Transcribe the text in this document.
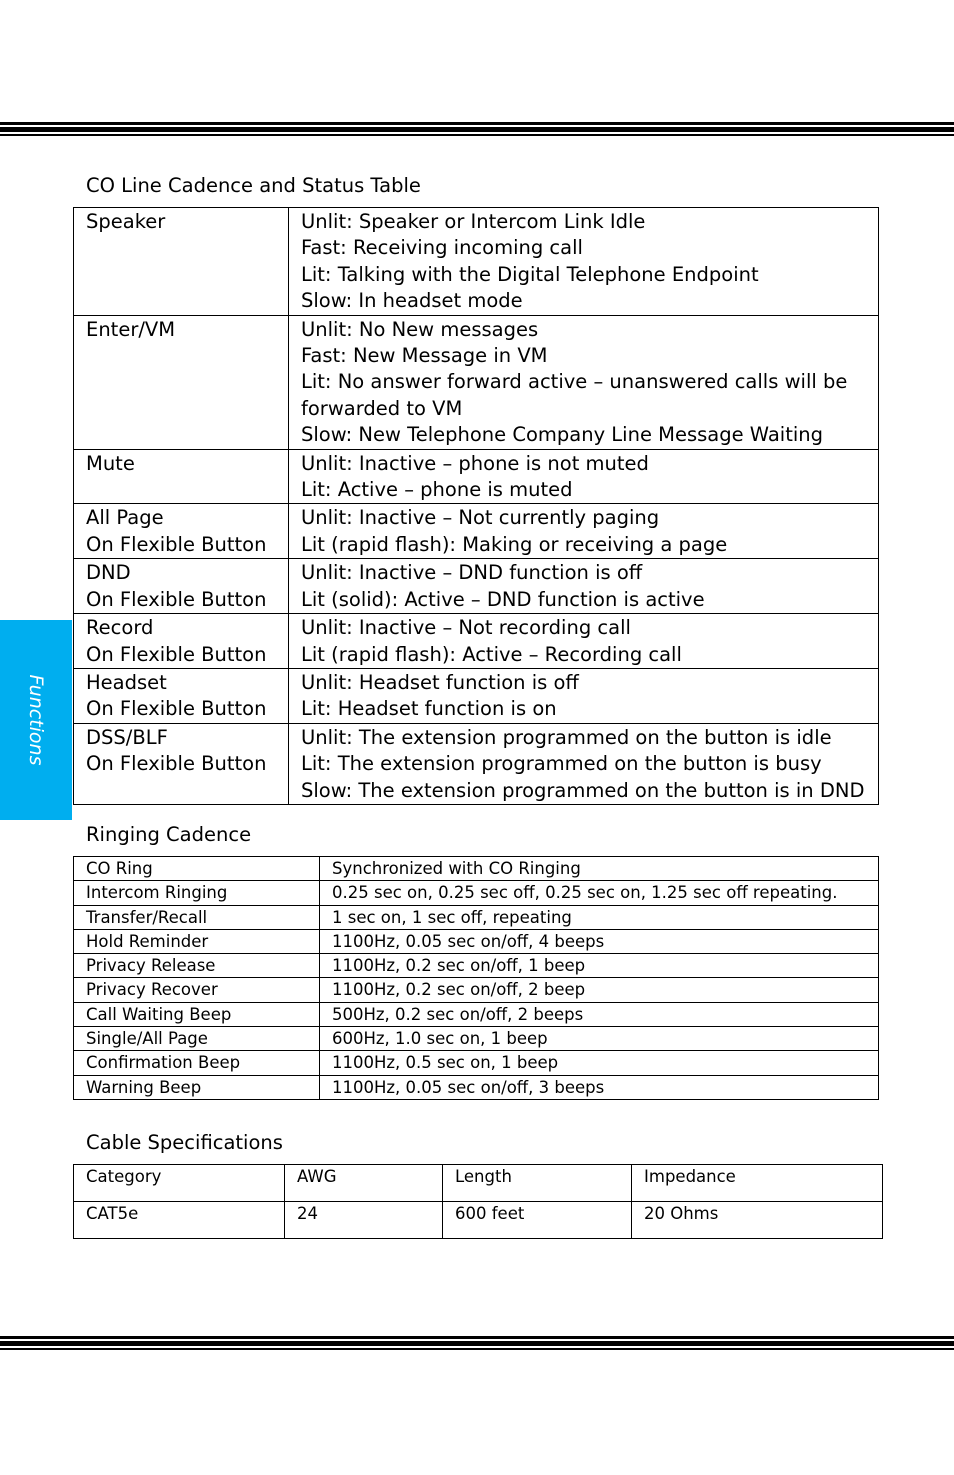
Functions
CO Line Cadence and Status Table
Speaker	Unlit: Speaker or Intercom Link Idle
Fast: Receiving incoming call
Lit: Talking with the Digital Telephone Endpoint
Slow: In headset mode

Enter/VM	Unlit: No New messages
Fast: New Message in VM
Lit: No answer forward active – unanswered calls will be forwarded to VM
Slow: New Telephone Company Line Message Waiting

Mute	Unlit: Inactive – phone is not muted
Lit: Active – phone is muted

All Page
On Flexible Button	Unlit: Inactive – Not currently paging
Lit (rapid flash): Making or receiving a page

DND
On Flexible Button	Unlit: Inactive – DND function is off
Lit (solid): Active – DND function is active

Record
On Flexible Button	Unlit: Inactive – Not recording call
Lit (rapid flash): Active – Recording call

Headset
On Flexible Button	Unlit: Headset function is off
Lit: Headset function is on

DSS/BLF
On Flexible Button	Unlit: The extension programmed on the button is idle
Lit: The extension programmed on the button is busy
Slow: The extension programmed on the button is in DND
Ringing Cadence
CO Ring	Synchronized with CO Ringing
Intercom Ringing	0.25 sec on, 0.25 sec off, 0.25 sec on, 1.25 sec off repeating.
Transfer/Recall	1 sec on, 1 sec off, repeating
Hold Reminder	1100Hz, 0.05 sec on/off, 4 beeps
Privacy Release	1100Hz, 0.2 sec on/off, 1 beep
Privacy Recover	1100Hz, 0.2 sec on/off, 2 beep
Call Waiting Beep	500Hz, 0.2 sec on/off, 2 beeps
Single/All Page	600Hz, 1.0 sec on, 1 beep
Confirmation Beep	1100Hz, 0.5 sec on, 1 beep
Warning Beep	1100Hz, 0.05 sec on/off, 3 beeps
Cable Specifications
Category	AWG	Length	Impedance
CAT5e	24	600 feet	20 Ohms
